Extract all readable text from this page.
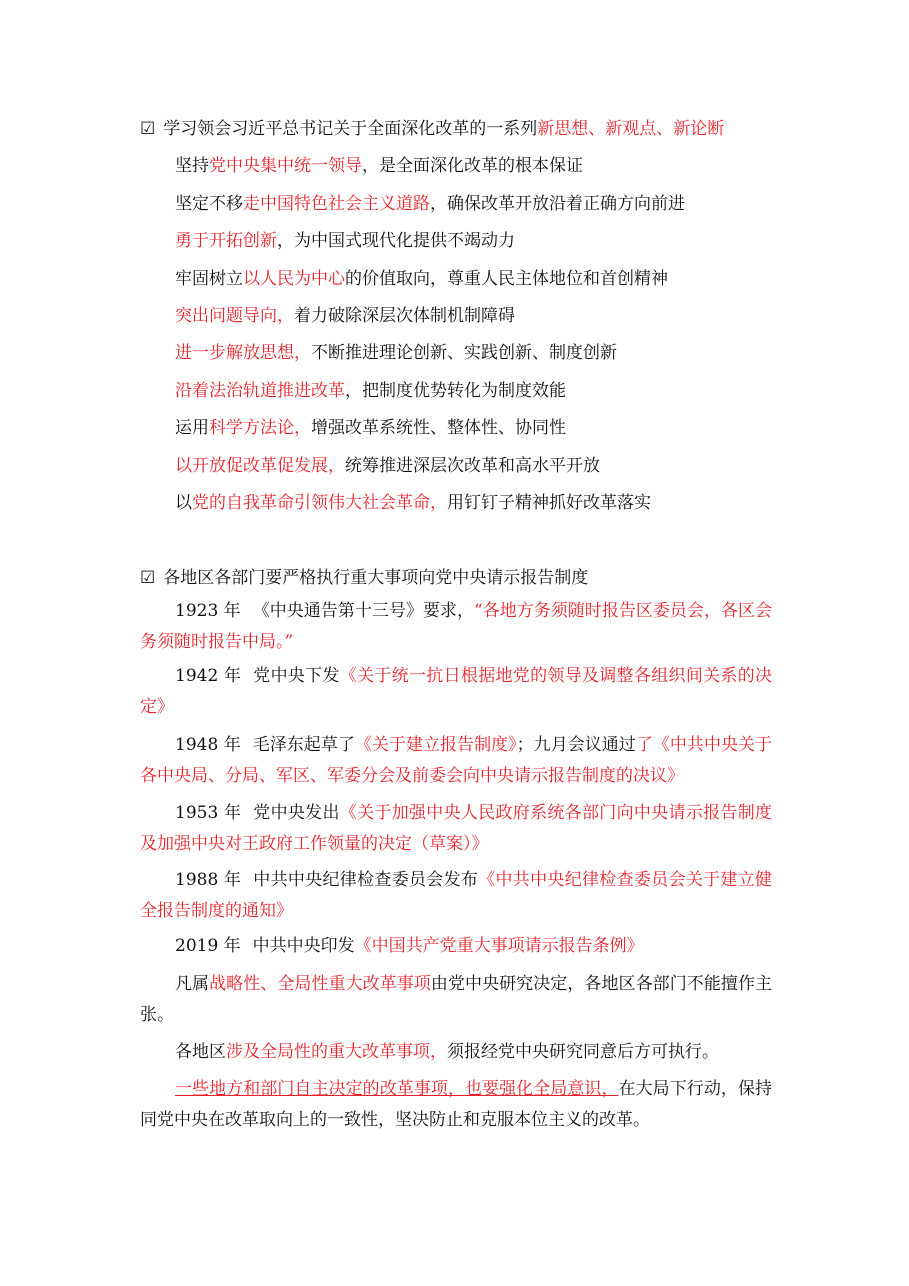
☑ 学习领会习近平总书记关于全面深化改革的一系列新思想、新观点、新论断
坚持党中央集中统一领导，是全面深化改革的根本保证
坚定不移走中国特色社会主义道路，确保改革开放沿着正确方向前进
勇于开拓创新，为中国式现代化提供不竭动力
牢固树立以人民为中心的价值取向，尊重人民主体地位和首创精神
突出问题导向，着力破除深层次体制机制障碍
进一步解放思想，不断推进理论创新、实践创新、制度创新
沿着法治轨道推进改革，把制度优势转化为制度效能
运用科学方法论，增强改革系统性、整体性、协同性
以开放促改革促发展，统筹推进深层次改革和高水平开放
以党的自我革命引领伟大社会革命，用钉钉子精神抓好改革落实
☑ 各地区各部门要严格执行重大事项向党中央请示报告制度
1923 年 《中央通告第十三号》要求，“各地方务须随时报告区委员会，各区会务须随时报告中局。”
1942 年 党中央下发《关于统一抗日根据地党的领导及调整各组织间关系的决定》
1948 年 毛泽东起草了《关于建立报告制度》；九月会议通过了《中共中央关于各中央局、分局、军区、军委分会及前委会向中央请示报告制度的决议》
1953 年 党中央发出《关于加强中央人民政府系统各部门向中央请示报告制度及加强中央对王政府工作领量的决定（草案）》
1988 年 中共中央纪律检查委员会发布《中共中央纪律检查委员会关于建立健全报告制度的通知》
2019 年 中共中央印发《中国共产党重大事项请示报告条例》
凡属战略性、全局性重大改革事项由党中央研究决定，各地区各部门不能擅作主张。
各地区涉及全局性的重大改革事项，须报经党中央研究同意后方可执行。
一些地方和部门自主决定的改革事项，也要强化全局意识，在大局下行动，保持同党中央在改革取向上的一致性，坚决防止和克服本位主义的改革。
